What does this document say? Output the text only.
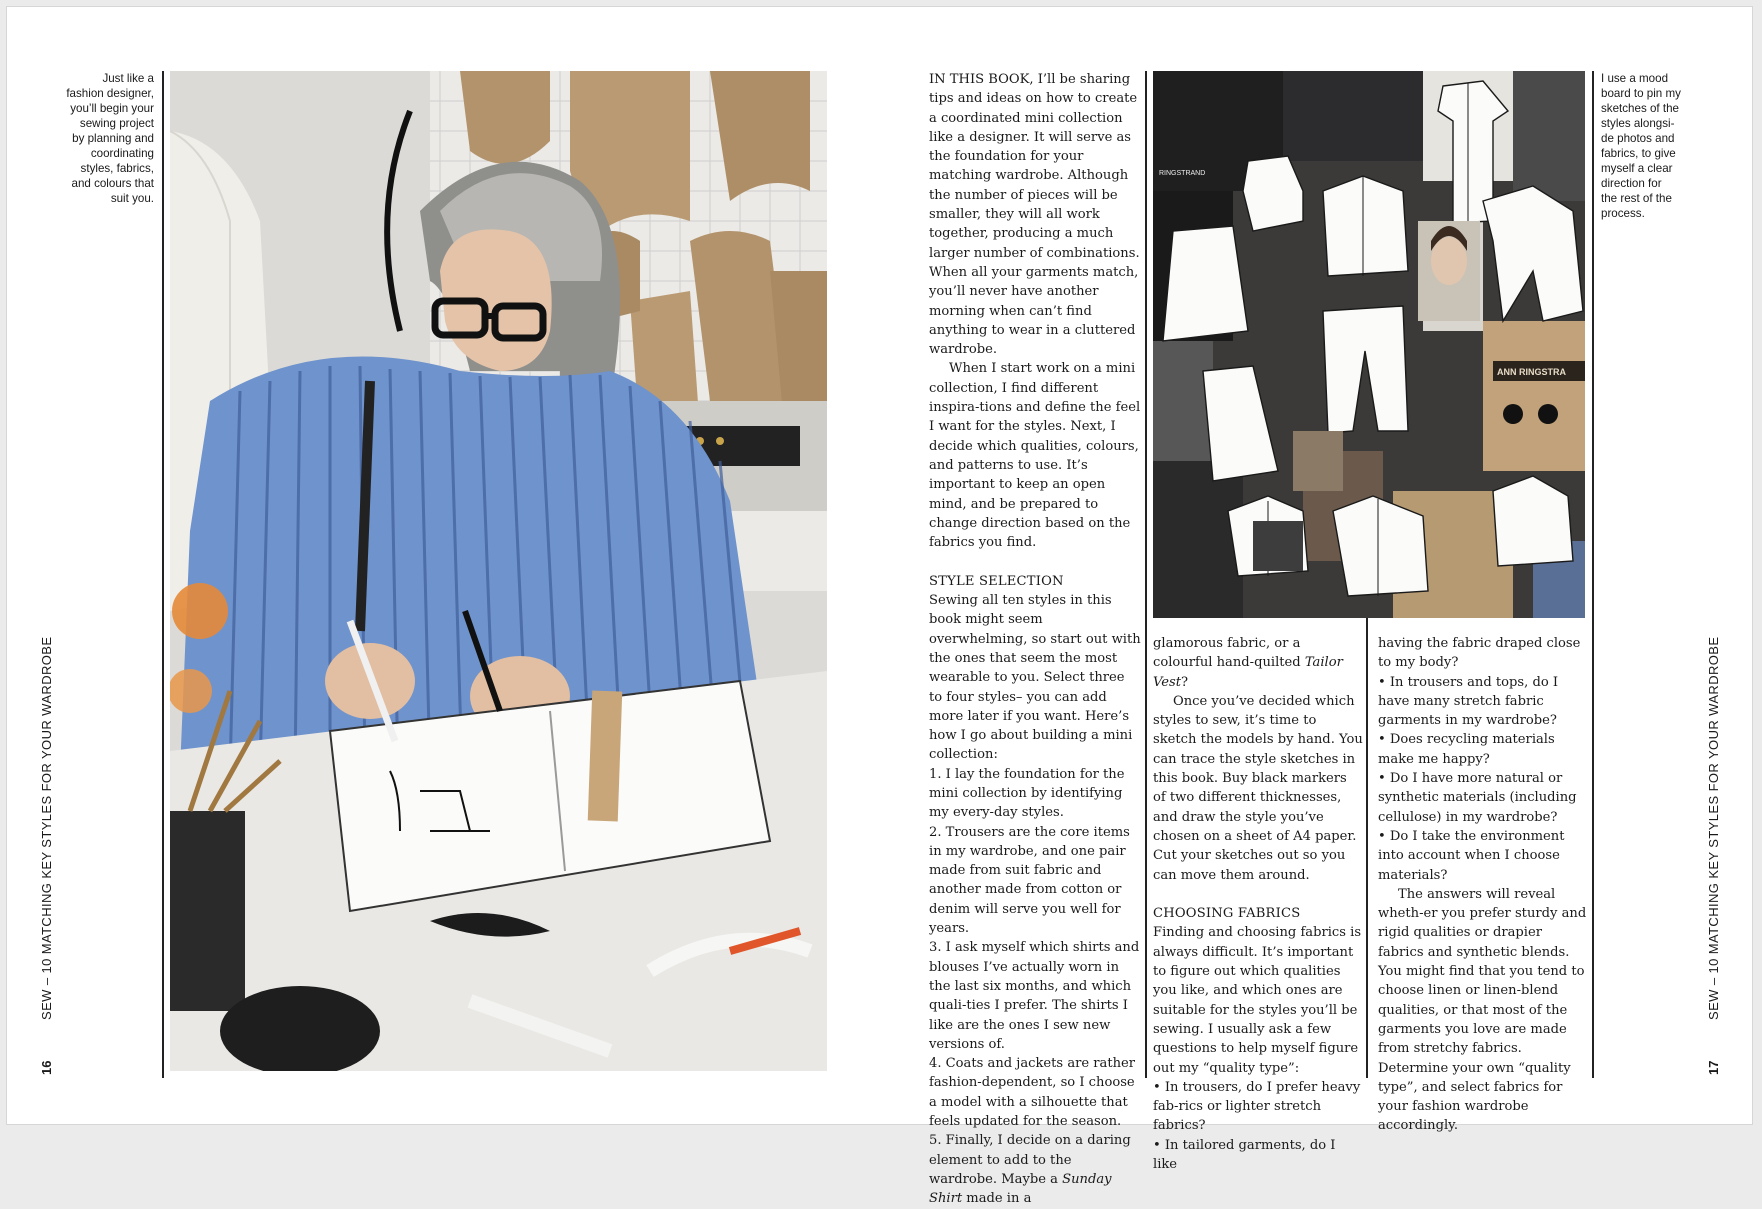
Just like a
fashion designer,
you’ll begin your
sewing project
by planning and
coordinating
styles, fabrics,
and colours that
suit you.
SEW – 10 MATCHING KEY STYLES FOR YOUR WARDROBE
16

IN THIS BOOK, I’ll be sharing tips and ideas on how to create a coordinated mini collection like a designer. It will serve as the foundation for your matching wardrobe. Although the number of pieces will be smaller, they will all work together, producing a much larger number of combinations. When all your garments match, you’ll never have another morning when can’t find anything to wear in a cluttered wardrobe.

When I start work on a mini collection, I find different inspira-tions and define the feel I want for the styles. Next, I decide which qualities, colours, and patterns to use. It’s important to keep an open mind, and be prepared to change direction based on the fabrics you find.

STYLE SELECTION

Sewing all ten styles in this book might seem overwhelming, so start out with the ones that seem the most wearable to you. Select three to four styles– you can add more later if you want. Here’s how I go about building a mini collection:

1. I lay the foundation for the mini collection by identifying my every-day styles.

2. Trousers are the core items in my wardrobe, and one pair made from suit fabric and another made from cotton or denim will serve you well for years.

3. I ask myself which shirts and blouses I’ve actually worn in the last six months, and which quali-ties I prefer. The shirts I like are the ones I sew new versions of.

4. Coats and jackets are rather fashion-dependent, so I choose a model with a silhouette that feels updated for the season.

5. Finally, I decide on a daring element to add to the wardrobe. Maybe a Sunday Shirt made in a

RINGSTRAND
ANN RINGSTRA

glamorous fabric, or a colourful hand-quilted Tailor Vest?

Once you’ve decided which styles to sew, it’s time to sketch the models by hand. You can trace the style sketches in this book. Buy black markers of two different thicknesses, and draw the style you’ve chosen on a sheet of A4 paper. Cut your sketches out so you can move them around.

CHOOSING FABRICS

Finding and choosing fabrics is always difficult. It’s important to figure out which qualities you like, and which ones are suitable for the styles you’ll be sewing. I usually ask a few questions to help myself figure out my “quality type”:

• In trousers, do I prefer heavy fab-rics or lighter stretch fabrics?

• In tailored garments, do I like

having the fabric draped close to my body?

• In trousers and tops, do I have many stretch fabric garments in my wardrobe?

• Does recycling materials make me happy?

• Do I have more natural or synthetic materials (including cellulose) in my wardrobe?

• Do I take the environment into account when I choose materials?

The answers will reveal wheth-er you prefer sturdy and rigid qualities or drapier fabrics and synthetic blends. You might find that you tend to choose linen or linen-blend qualities, or that most of the garments you love are made from stretchy fabrics. Determine your own “quality type”, and select fabrics for your fashion wardrobe accordingly.

I use a mood
board to pin my
sketches of the
styles alongsi-
de photos and
fabrics, to give
myself a clear
direction for
the rest of the
process.
SEW – 10 MATCHING KEY STYLES FOR YOUR WARDROBE
17
